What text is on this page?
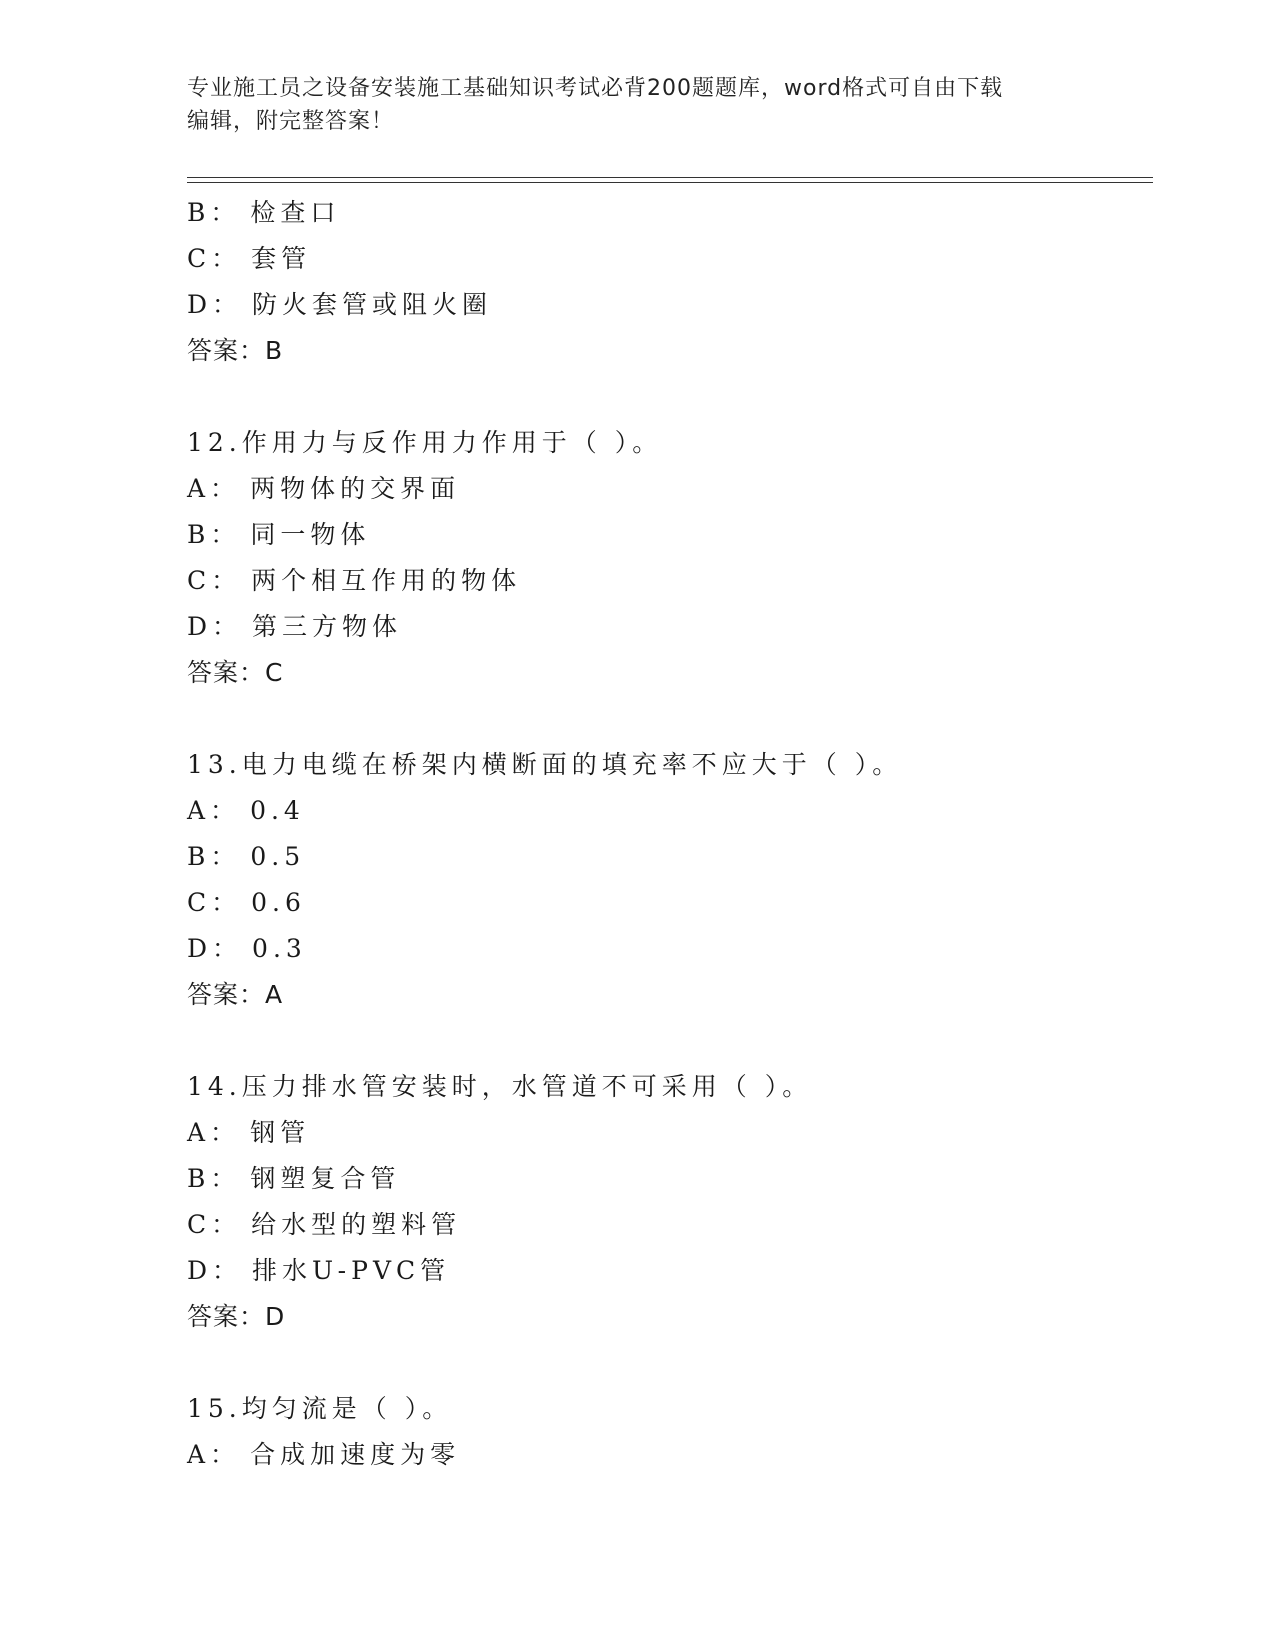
专业施工员之设备安装施工基础知识考试必背200题题库，word格式可自由下载
编辑，附完整答案！
B： 检查口
C： 套管
D： 防火套管或阻火圈
答案：B
12.作用力与反作用力作用于（ ）。
A： 两物体的交界面
B： 同一物体
C： 两个相互作用的物体
D： 第三方物体
答案：C
13.电力电缆在桥架内横断面的填充率不应大于（ ）。
A： 0.4
B： 0.5
C： 0.6
D： 0.3
答案：A
14.压力排水管安装时，水管道不可采用（ ）。
A： 钢管
B： 钢塑复合管
C： 给水型的塑料管
D： 排水U-PVC管
答案：D
15.均匀流是（ ）。
A： 合成加速度为零
